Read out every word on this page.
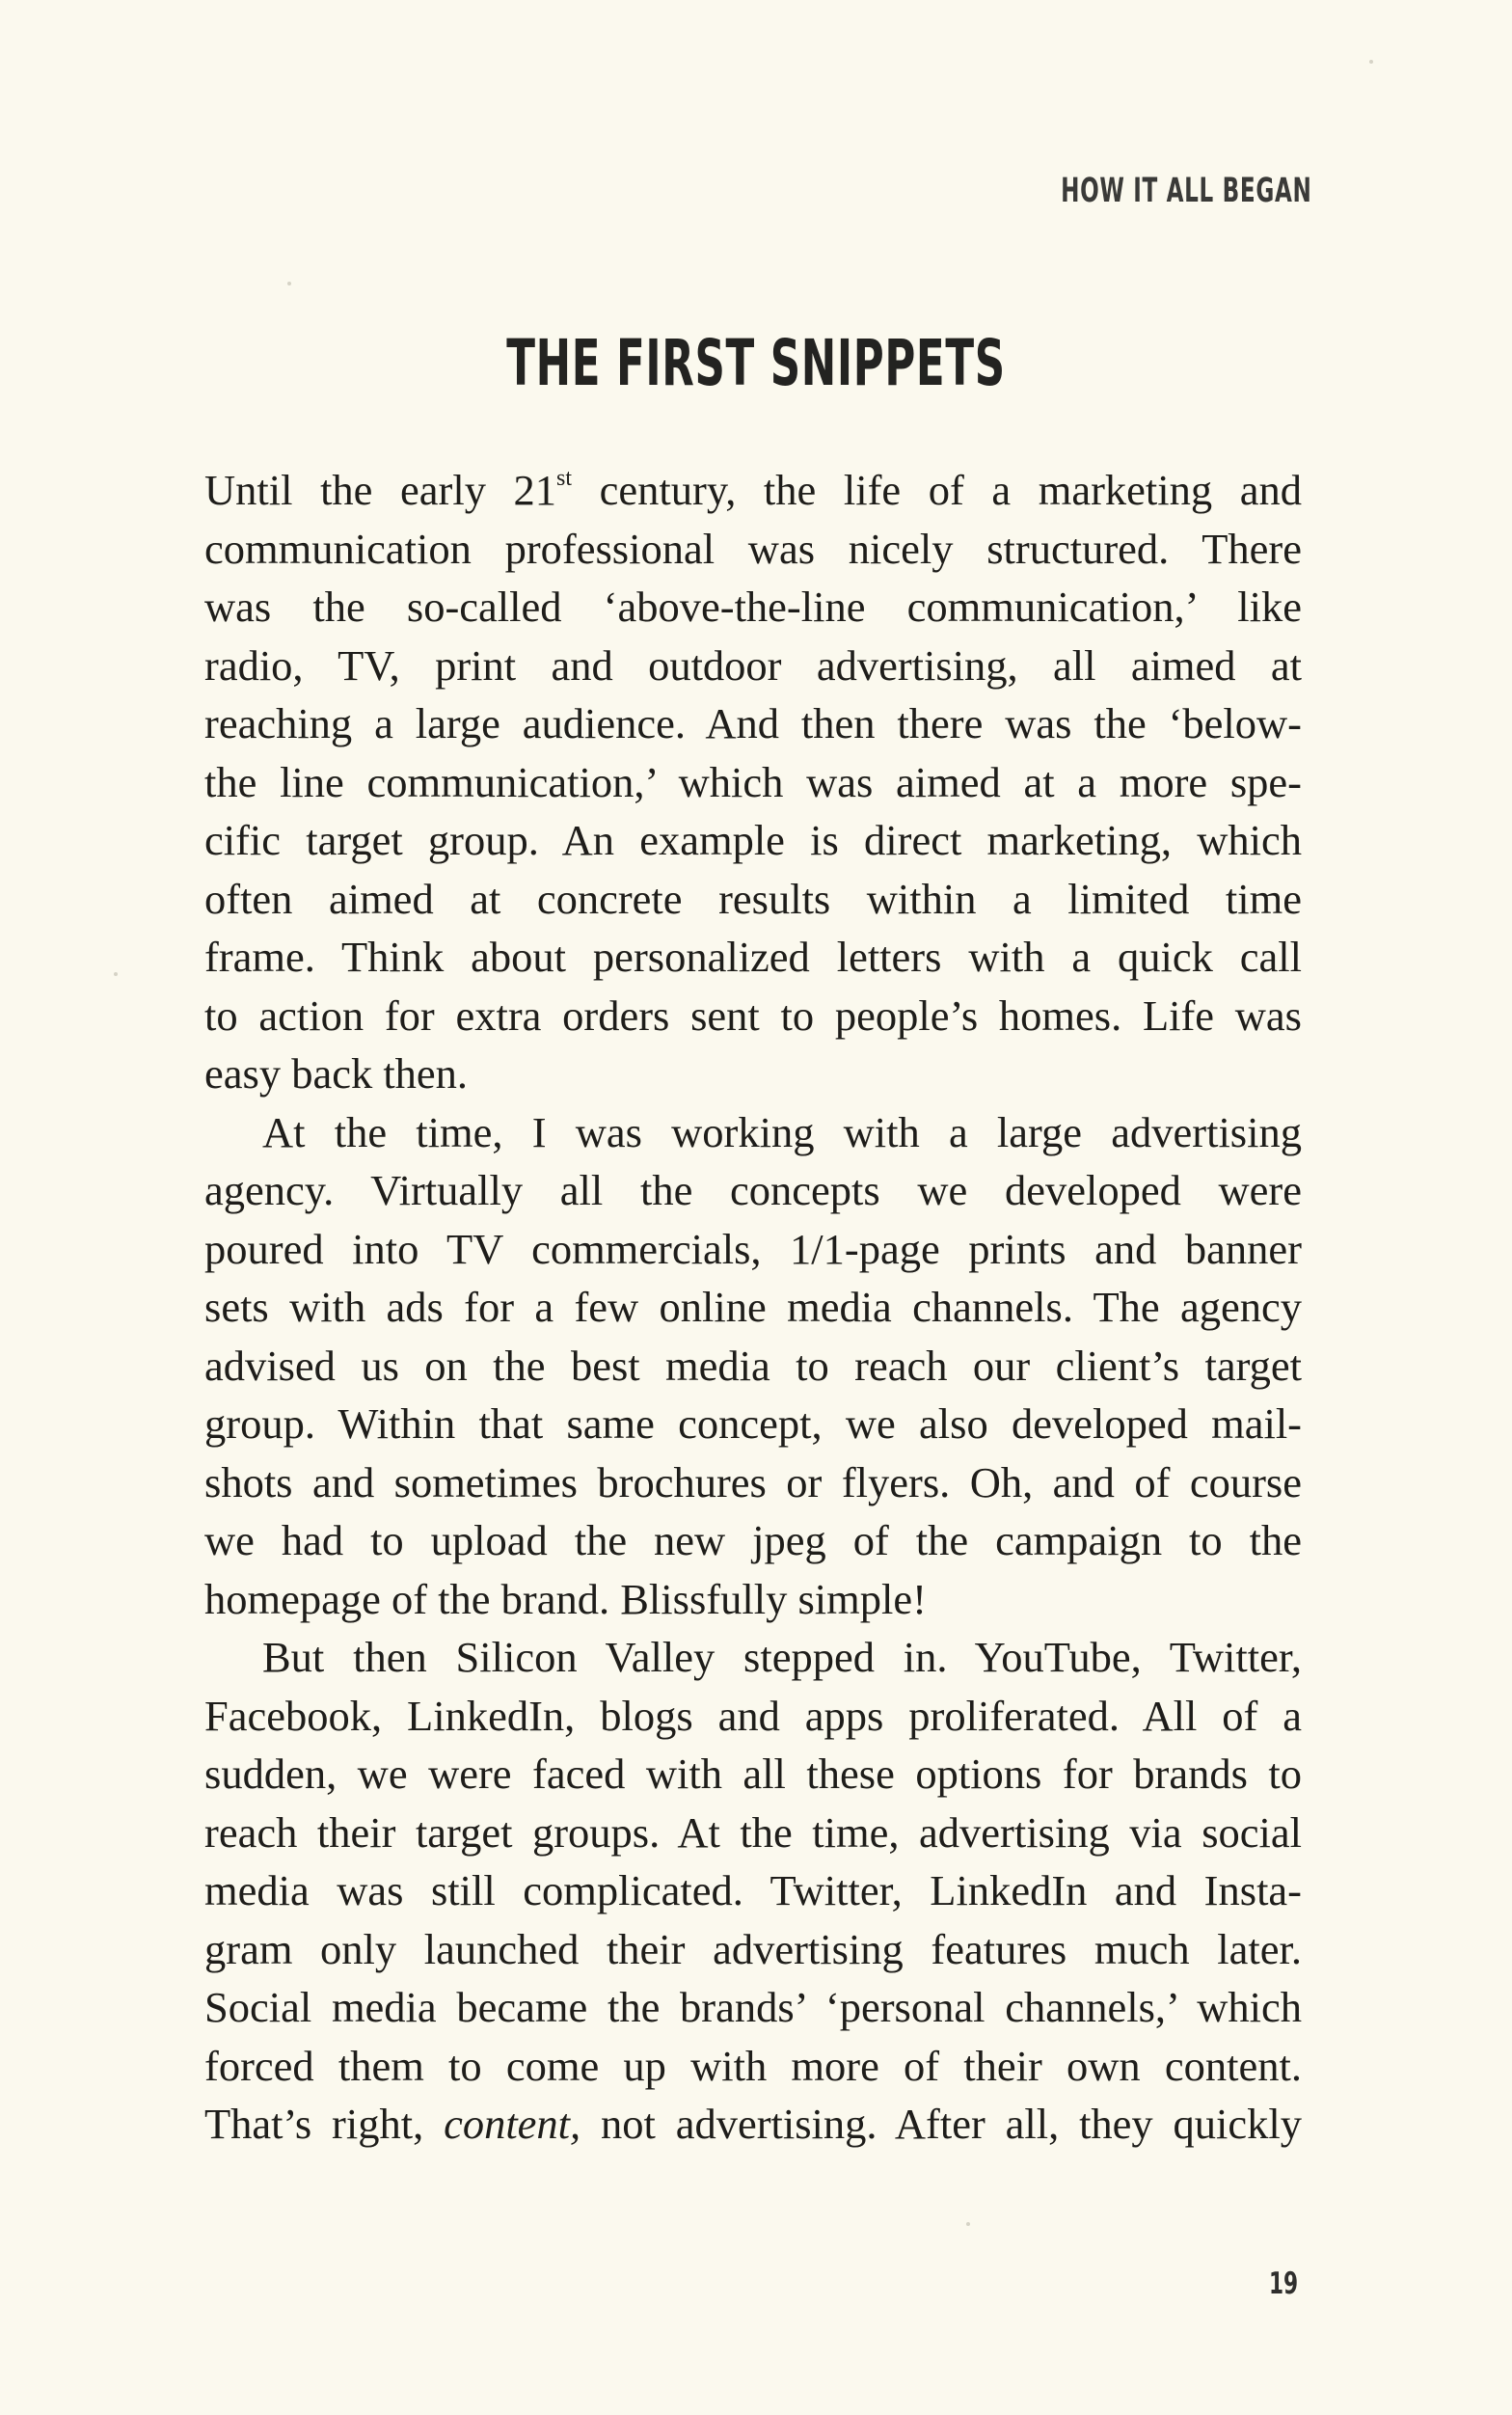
HOW IT ALL BEGAN
THE FIRST SNIPPETS
Until the early 21st century, the life of a marketing and
communication professional was nicely structured. There
was the so-called ‘above-the-line communication,’ like
radio, TV, print and outdoor advertising, all aimed at
reaching a large audience. And then there was the ‘below-
the line communication,’ which was aimed at a more spe-
cific target group. An example is direct marketing, which
often aimed at concrete results within a limited time
frame. Think about personalized letters with a quick call
to action for extra orders sent to people’s homes. Life was
easy back then.
At the time, I was working with a large advertising
agency. Virtually all the concepts we developed were
poured into TV commercials, 1/1-page prints and banner
sets with ads for a few online media channels. The agency
advised us on the best media to reach our client’s target
group. Within that same concept, we also developed mail-
shots and sometimes brochures or flyers. Oh, and of course
we had to upload the new jpeg of the campaign to the
homepage of the brand. Blissfully simple!
But then Silicon Valley stepped in. YouTube, Twitter,
Facebook, LinkedIn, blogs and apps proliferated. All of a
sudden, we were faced with all these options for brands to
reach their target groups. At the time, advertising via social
media was still complicated. Twitter, LinkedIn and Insta-
gram only launched their advertising features much later.
Social media became the brands’ ‘personal channels,’ which
forced them to come up with more of their own content.
That’s right, content, not advertising. After all, they quickly
19
